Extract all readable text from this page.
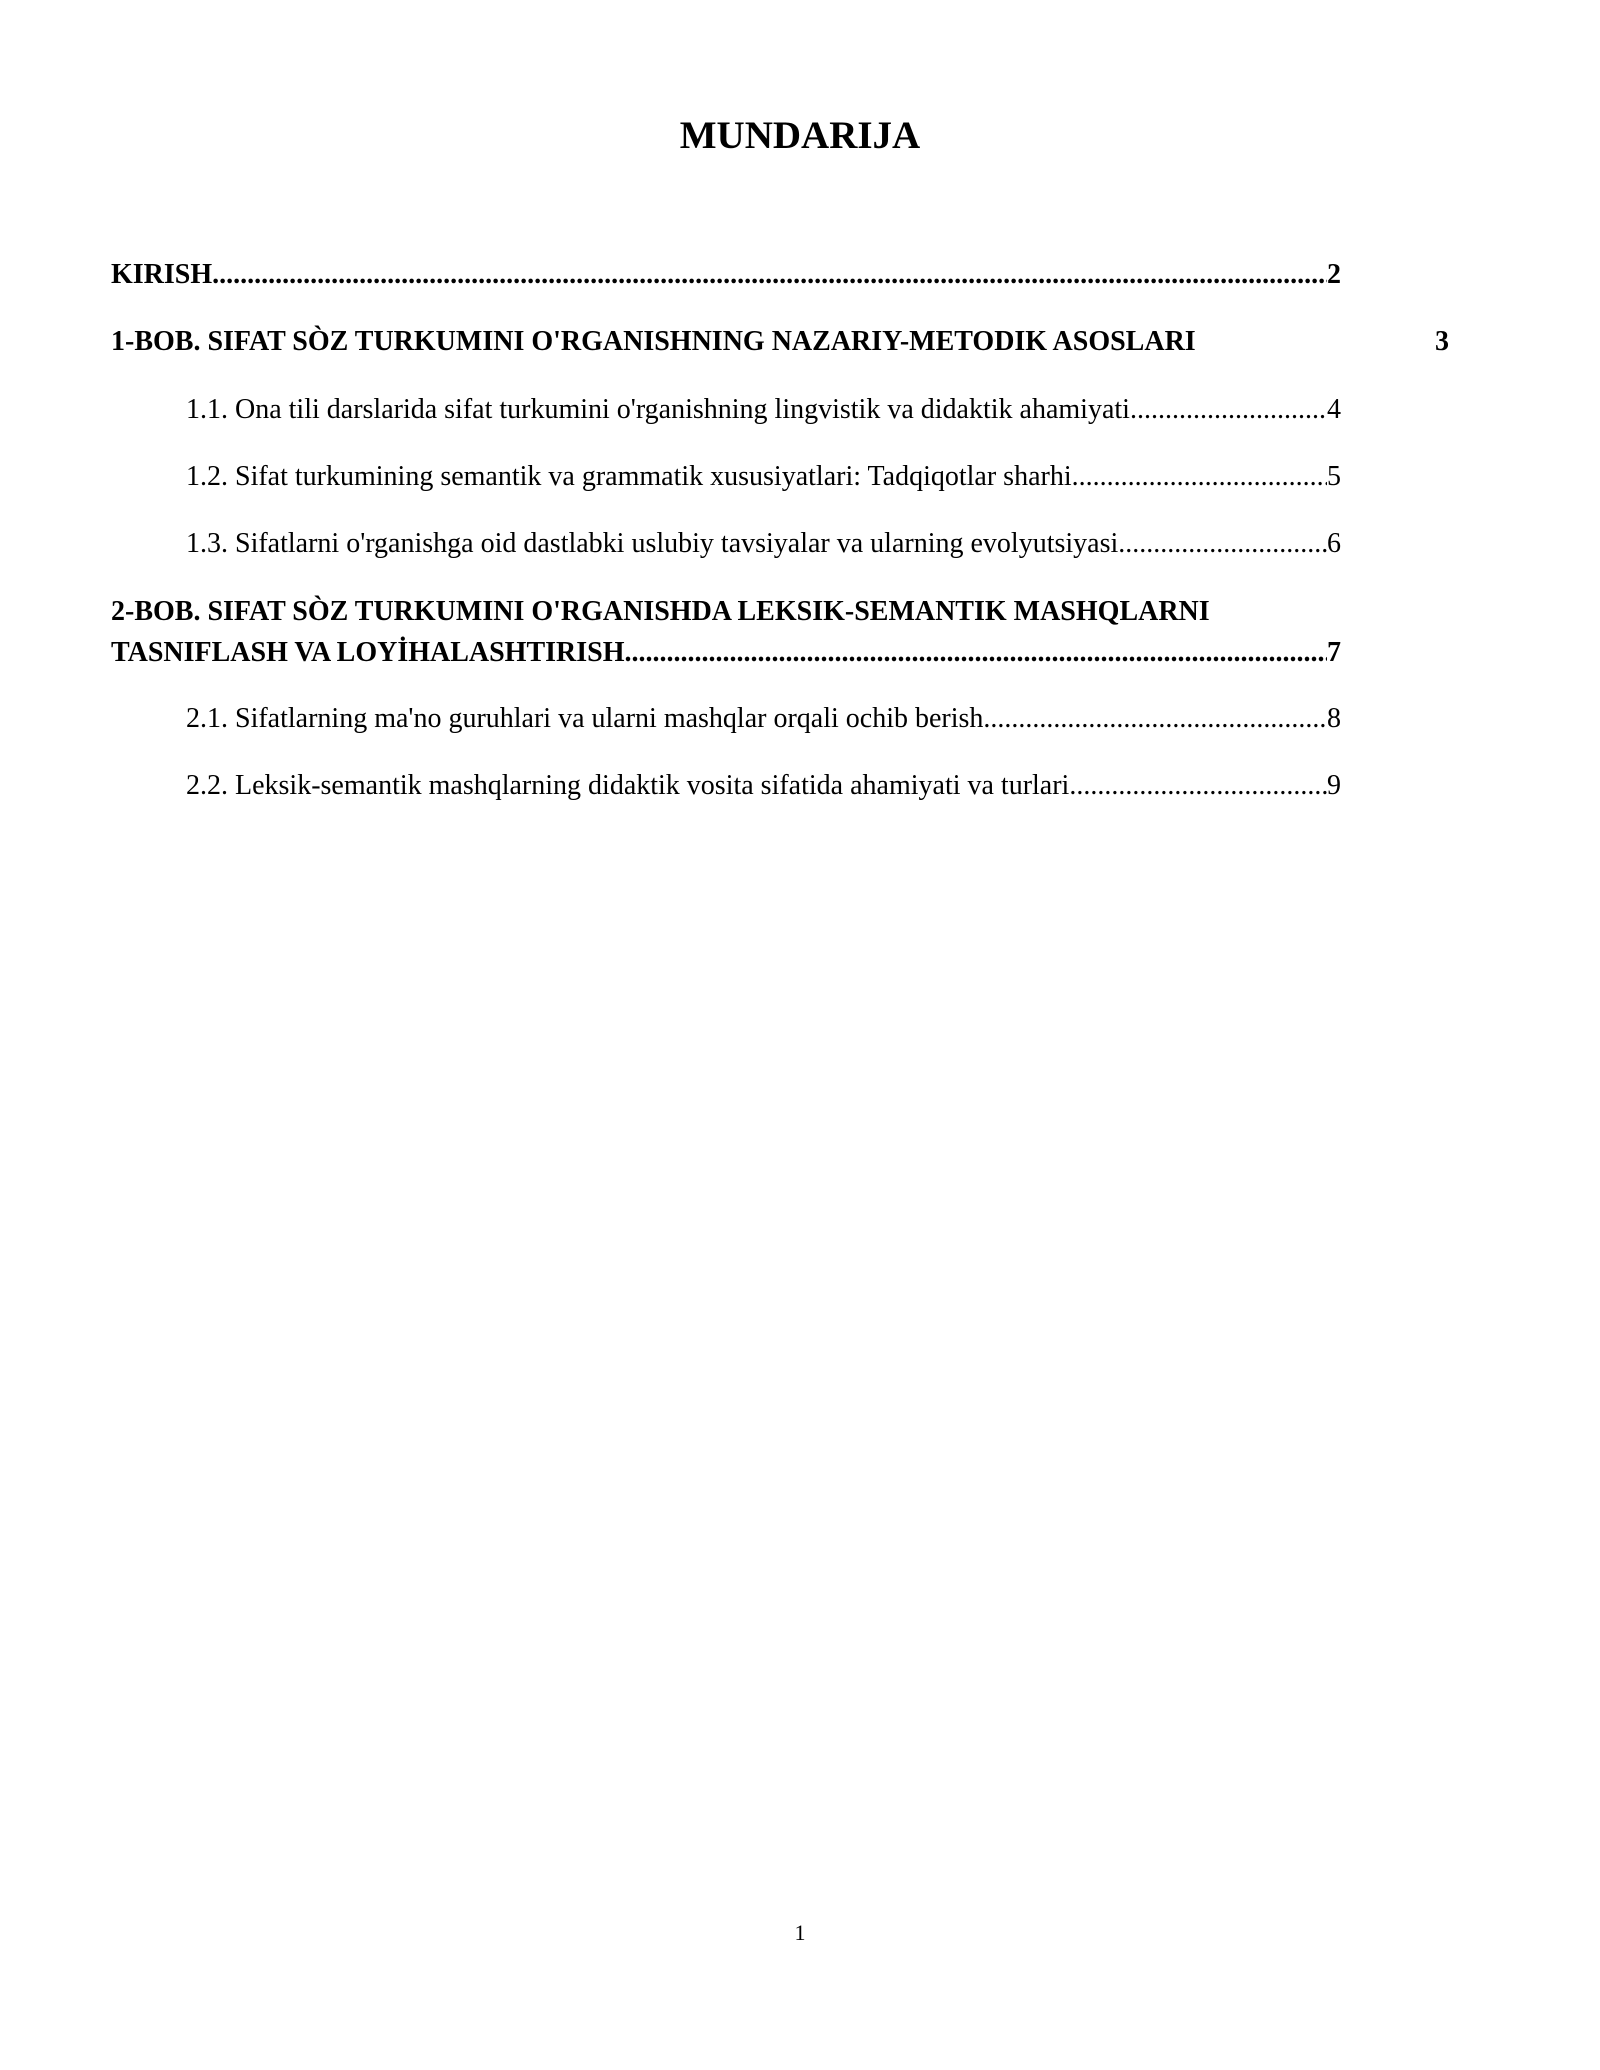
MUNDARIJA
KIRISH .....	2
1-BOB. SIFAT SÒZ TURKUMINI O'RGANISHNING NAZARIY-METODIK ASOSLARI	3
1.1. Ona tili darslarida sifat turkumini o'rganishning lingvistik va didaktik ahamiyati .....	4
1.2. Sifat turkumining semantik va grammatik xususiyatlari: Tadqiqotlar sharhi .....	5
1.3. Sifatlarni o'rganishga oid dastlabki uslubiy tavsiyalar va ularning evolyutsiyasi .....	6
2-BOB. SIFAT SÒZ TURKUMINI O'RGANISHDA LEKSIK-SEMANTIK MASHQLARNI
TASNIFLASH VA LOYİHALASHTIRISH .....	7
2.1. Sifatlarning ma'no guruhlari va ularni mashqlar orqali ochib berish .....	8
2.2. Leksik-semantik mashqlarning didaktik vosita sifatida ahamiyati va turlari .....	9
1
